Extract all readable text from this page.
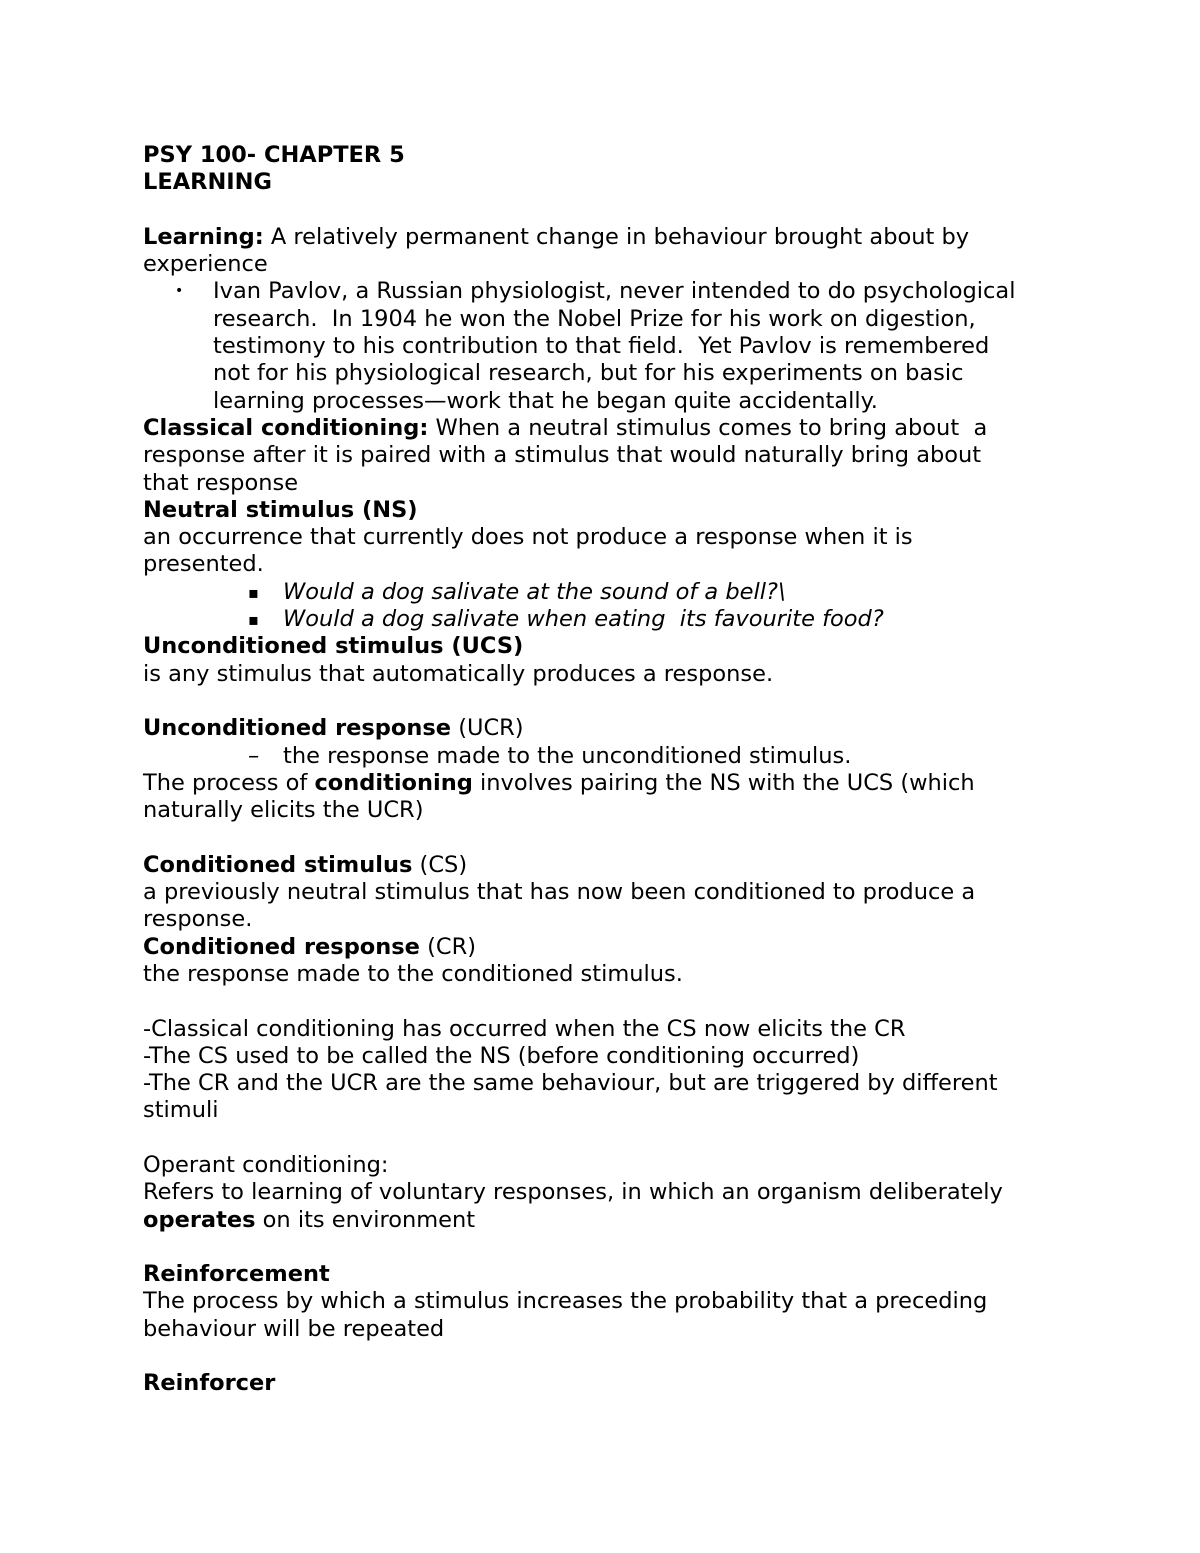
PSY 100- CHAPTER 5
LEARNING
Learning: A relatively permanent change in behaviour brought about by
experience
• Ivan Pavlov, a Russian physiologist, never intended to do psychological
research.  In 1904 he won the Nobel Prize for his work on digestion,
testimony to his contribution to that field.  Yet Pavlov is remembered
not for his physiological research, but for his experiments on basic
learning processes—work that he began quite accidentally.
Classical conditioning: When a neutral stimulus comes to bring about  a
response after it is paired with a stimulus that would naturally bring about
that response
Neutral stimulus (NS)
an occurrence that currently does not produce a response when it is
presented.
▪ Would a dog salivate at the sound of a bell?\
▪ Would a dog salivate when eating  its favourite food?
Unconditioned stimulus (UCS)
is any stimulus that automatically produces a response.
Unconditioned response (UCR)
– the response made to the unconditioned stimulus.
The process of conditioning involves pairing the NS with the UCS (which
naturally elicits the UCR)
Conditioned stimulus (CS)
a previously neutral stimulus that has now been conditioned to produce a
response.
Conditioned response (CR)
the response made to the conditioned stimulus.
-Classical conditioning has occurred when the CS now elicits the CR
-The CS used to be called the NS (before conditioning occurred)
-The CR and the UCR are the same behaviour, but are triggered by different
stimuli
Operant conditioning:
Refers to learning of voluntary responses, in which an organism deliberately
operates on its environment
Reinforcement
The process by which a stimulus increases the probability that a preceding
behaviour will be repeated
Reinforcer
